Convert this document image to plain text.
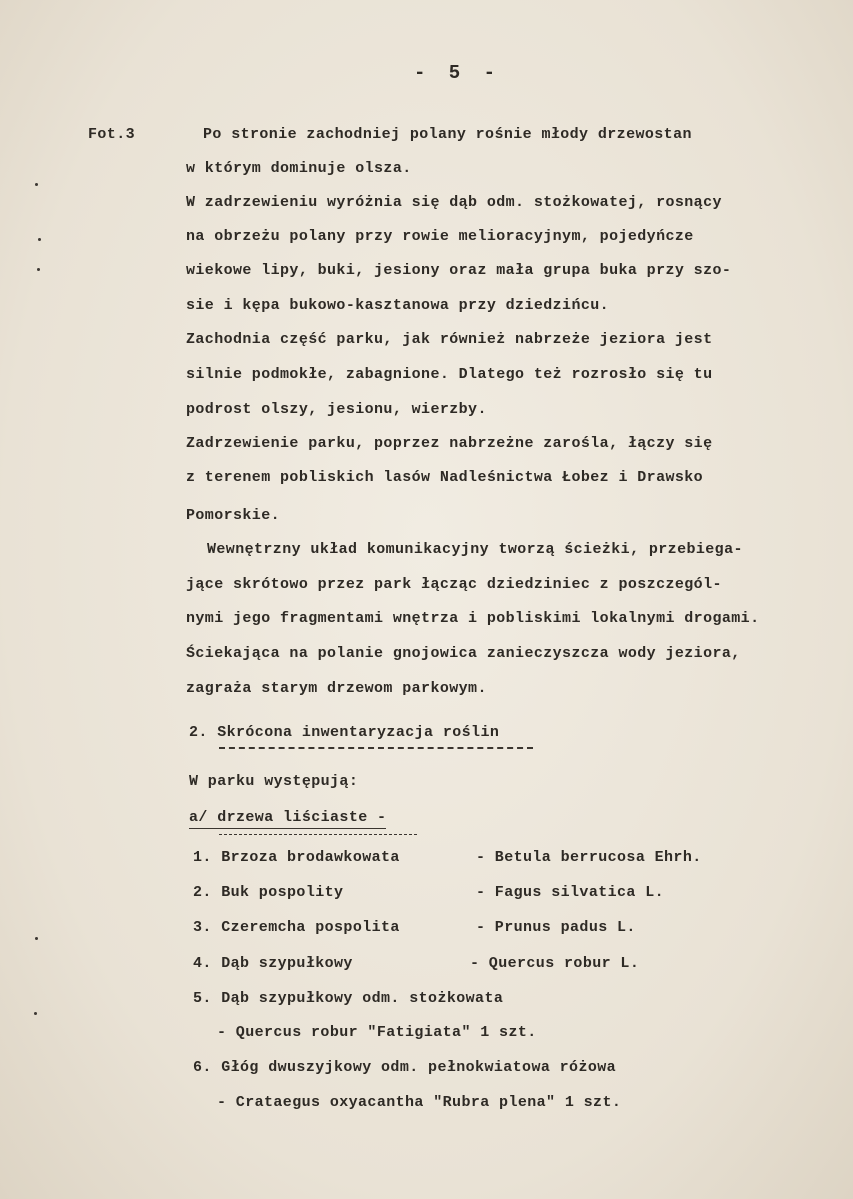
- 5 -
Fot.3	Po stronie zachodniej polany rośnie młody drzewostan
w którym dominuje olsza.
W zadrzewieniu wyróżnia się dąb odm. stożkowatej, rosnący
na obrzeżu polany przy rowie melioracyjnym, pojedyńcze
wiekowe lipy, buki, jesiony oraz mała grupa buka przy szo-
sie i kępa bukowo-kasztanowa przy dziedzińcu.
Zachodnia część parku, jak również nabrzeże jeziora jest
silnie podmokłe, zabagnione. Dlatego też rozrosło się tu
podrost olszy, jesionu, wierzby.
Zadrzewienie parku, poprzez nabrzeżne zarośla, łączy się
z terenem pobliskich lasów Nadleśnictwa Łobez i Drawsko
Pomorskie.
Wewnętrzny układ komunikacyjny tworzą ścieżki, przebiega-
jące skrótowo przez park łącząc dziedziniec z poszczegól-
nymi jego fragmentami wnętrza i pobliskimi lokalnymi drogami.
Ściekająca na polanie gnojowica zanieczyszcza wody jeziora,
zagraża starym drzewom parkowym.
2. Skrócona inwentaryzacja roślin
W parku występują:
a/ drzewa liściaste -
1. Brzoza brodawkowata	- Betula berrucosa Ehrh.
2. Buk pospolity	- Fagus silvatica L.
3. Czeremcha pospolita	- Prunus padus L.
4. Dąb szypułkowy	- Quercus robur L.
5. Dąb szypułkowy odm. stożkowata
- Quercus robur "Fatigiata" 1 szt.
6. Głóg dwuszyjkowy odm. pełnokwiatowa różowa
- Crataegus oxyacantha "Rubra plena" 1 szt.
